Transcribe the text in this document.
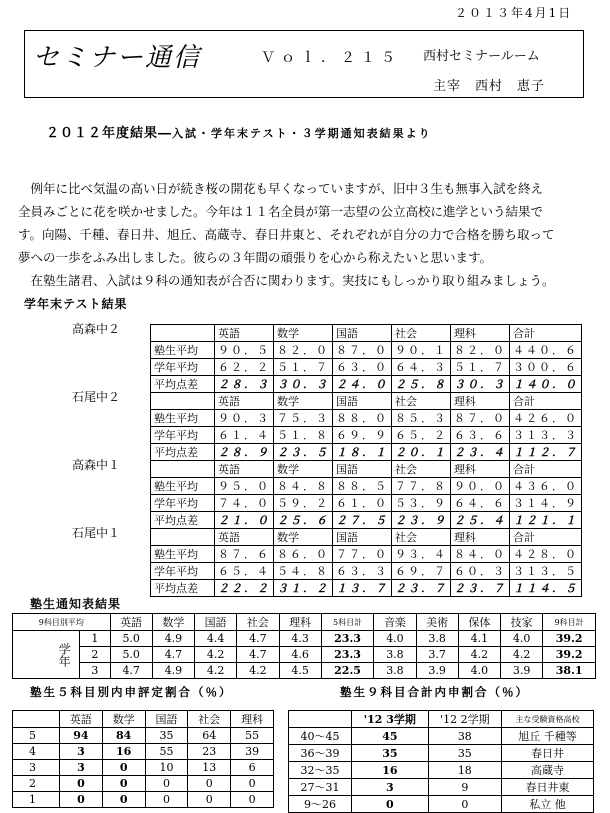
２０１３年4月1日
セミナー通信	Ｖｏｌ．２１５ 西村セミナールーム
主宰　西村　恵子
２０１２年度結果―入試・学年末テスト・３学期通知表結果より
　例年に比べ気温の高い日が続き桜の開花も早くなっていますが、旧中３生も無事入試を終え
全員みごとに花を咲かせました。今年は１１名全員が第一志望の公立高校に進学という結果で
す。向陽、千種、春日井、旭丘、高蔵寺、春日井東と、それぞれが自分の力で合格を勝ち取って
夢への一歩をふみ出しました。彼らの３年間の頑張りを心から称えたいと思います。
　在塾生諸君、入試は９科の通知表が合否に関わります。実技にもしっかり取り組みましょう。
学年末テスト結果
高森中２
		英語	数学	国語	社会	理科	合計
塾生平均	９０．５	８２．０	８７．０	９０．１	８２．０	４４０．６
学年平均	６２．２	５１．７	６３．０	６４．３	５１．７	３００．６
平均点差	２８．３	３０．３	２４．０	２５．８	３０．３	１４０．０
石尾中２
		英語	数学	国語	社会	理科	合計
塾生平均	９０．３	７５．３	８８．０	８５．３	８７．０	４２６．０
学年平均	６１．４	５１．８	６９．９	６５．２	６３．６	３１３．３
平均点差	２８．９	２３．５	１８．１	２０．１	２３．４	１１２．７
高森中１
		英語	数学	国語	社会	理科	合計
塾生平均	９５．０	８４．８	８８．５	７７．８	９０．０	４３６．０
学年平均	７４．０	５９．２	６１．０	５３．９	６４．６	３１４．９
平均点差	２１．０	２５．６	２７．５	２３．９	２５．４	１２１．１
石尾中１
		英語	数学	国語	社会	理科	合計
塾生平均	８７．６	８６．０	７７．０	９３．４	８４．０	４２８．０
学年平均	６５．４	５４．８	６３．３	６９．７	６０．３	３１３．５
平均点差	２２．２	３１．２	１３．７	２３．７	２３．７	１１４．５
塾生通知表結果
9科目別平均		英語	数学	国語	社会	理科	5科目計	音楽	美術	保体	技家	9科目計

学年	1	5.0	4.9	4.4	4.7	4.3	23.3	4.0	3.8	4.1	4.0	39.2
	2	5.0	4.7	4.2	4.7	4.6	23.3	3.8	3.7	4.2	4.2	39.2
	3	4.7	4.9	4.2	4.2	4.5	22.5	3.8	3.9	4.0	3.9	38.1
塾生５科目別内申評定割合（％）	塾生９科目合計内申割合（％）
	英語	数学	国語	社会	理科
5	94	84	35	64	55
4	3	16	55	23	39
3	3	0	10	13	6
2	0	0	0	0	0
1	0	0	0	0	0
	'12 3学期	'12 2学期	主な受験資格高校
40～45	45	38	旭丘 千種等
36～39	35	35	春日井
32～35	16	18	高蔵寺
27～31	3	9	春日井東
9～26	0	0	私立 他
